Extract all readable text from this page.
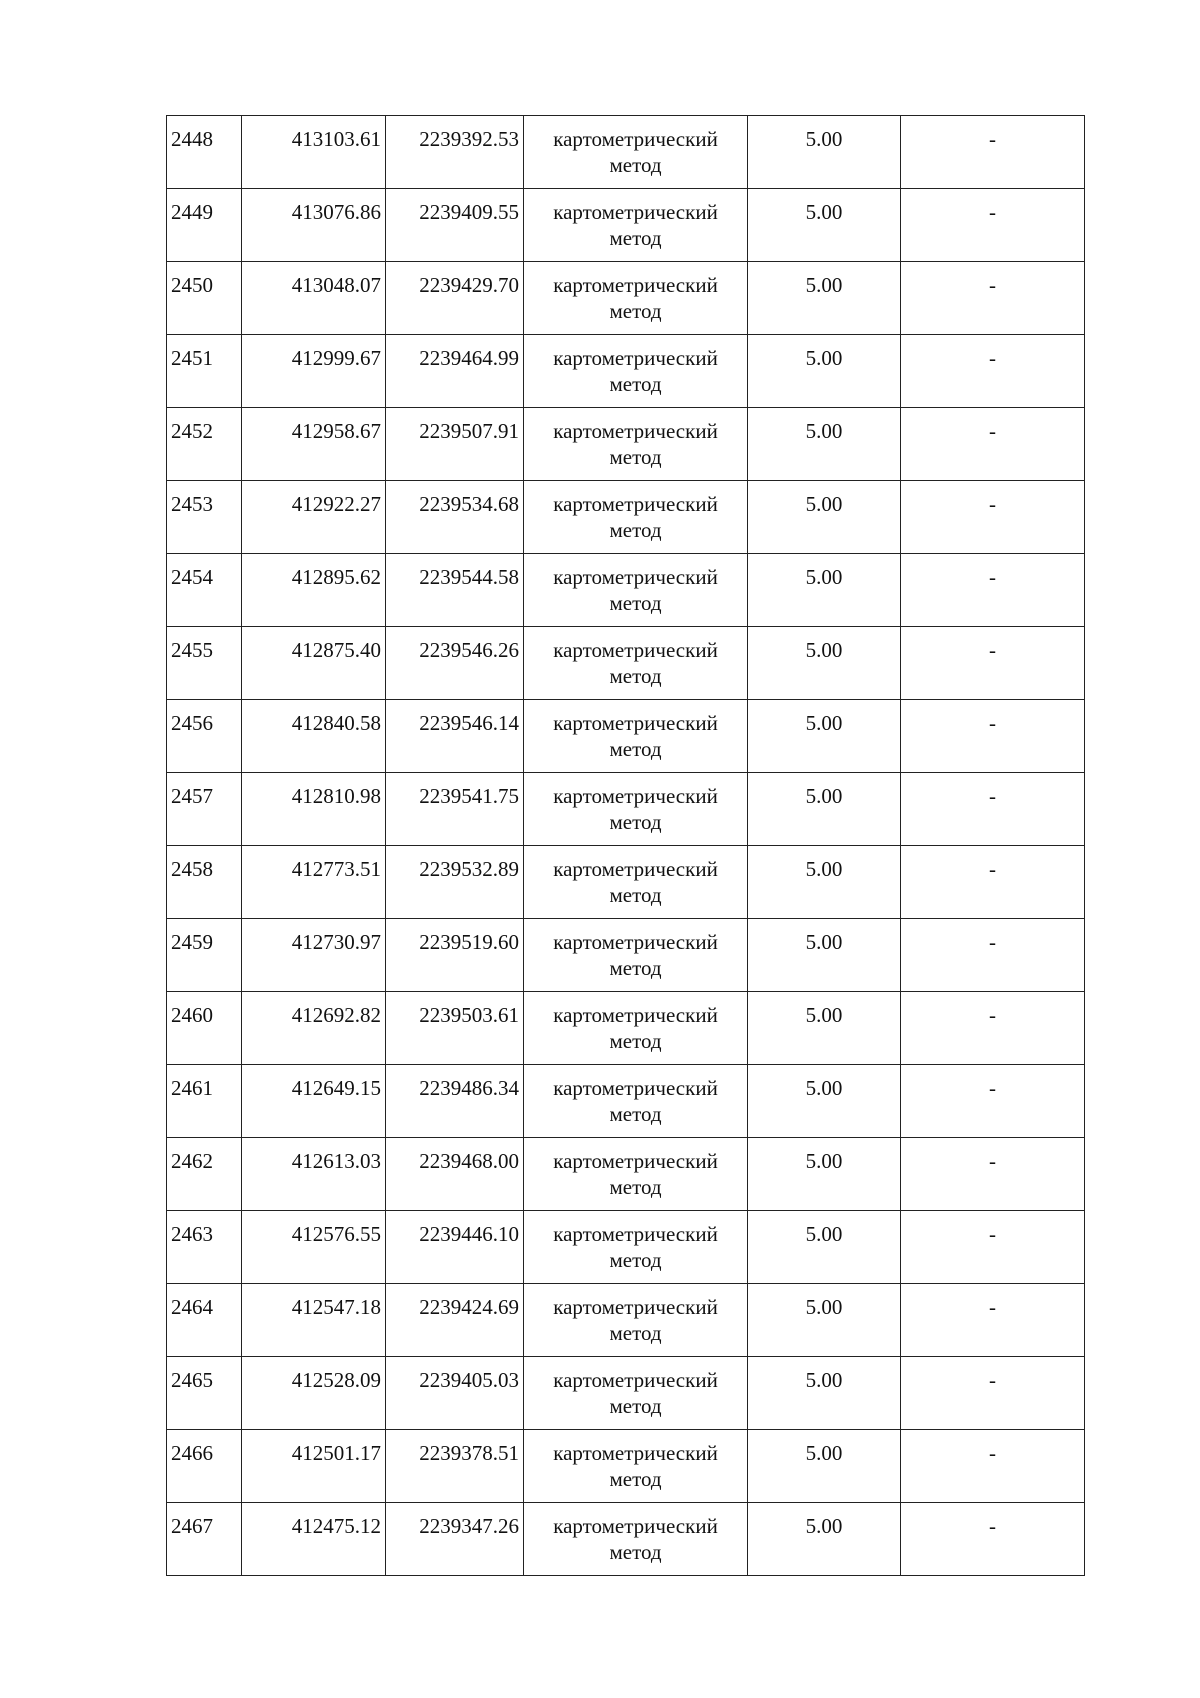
2448	413103.61	2239392.53	картометрический метод	5.00	-
2449	413076.86	2239409.55	картометрический метод	5.00	-
2450	413048.07	2239429.70	картометрический метод	5.00	-
2451	412999.67	2239464.99	картометрический метод	5.00	-
2452	412958.67	2239507.91	картометрический метод	5.00	-
2453	412922.27	2239534.68	картометрический метод	5.00	-
2454	412895.62	2239544.58	картометрический метод	5.00	-
2455	412875.40	2239546.26	картометрический метод	5.00	-
2456	412840.58	2239546.14	картометрический метод	5.00	-
2457	412810.98	2239541.75	картометрический метод	5.00	-
2458	412773.51	2239532.89	картометрический метод	5.00	-
2459	412730.97	2239519.60	картометрический метод	5.00	-
2460	412692.82	2239503.61	картометрический метод	5.00	-
2461	412649.15	2239486.34	картометрический метод	5.00	-
2462	412613.03	2239468.00	картометрический метод	5.00	-
2463	412576.55	2239446.10	картометрический метод	5.00	-
2464	412547.18	2239424.69	картометрический метод	5.00	-
2465	412528.09	2239405.03	картометрический метод	5.00	-
2466	412501.17	2239378.51	картометрический метод	5.00	-
2467	412475.12	2239347.26	картометрический метод	5.00	-
